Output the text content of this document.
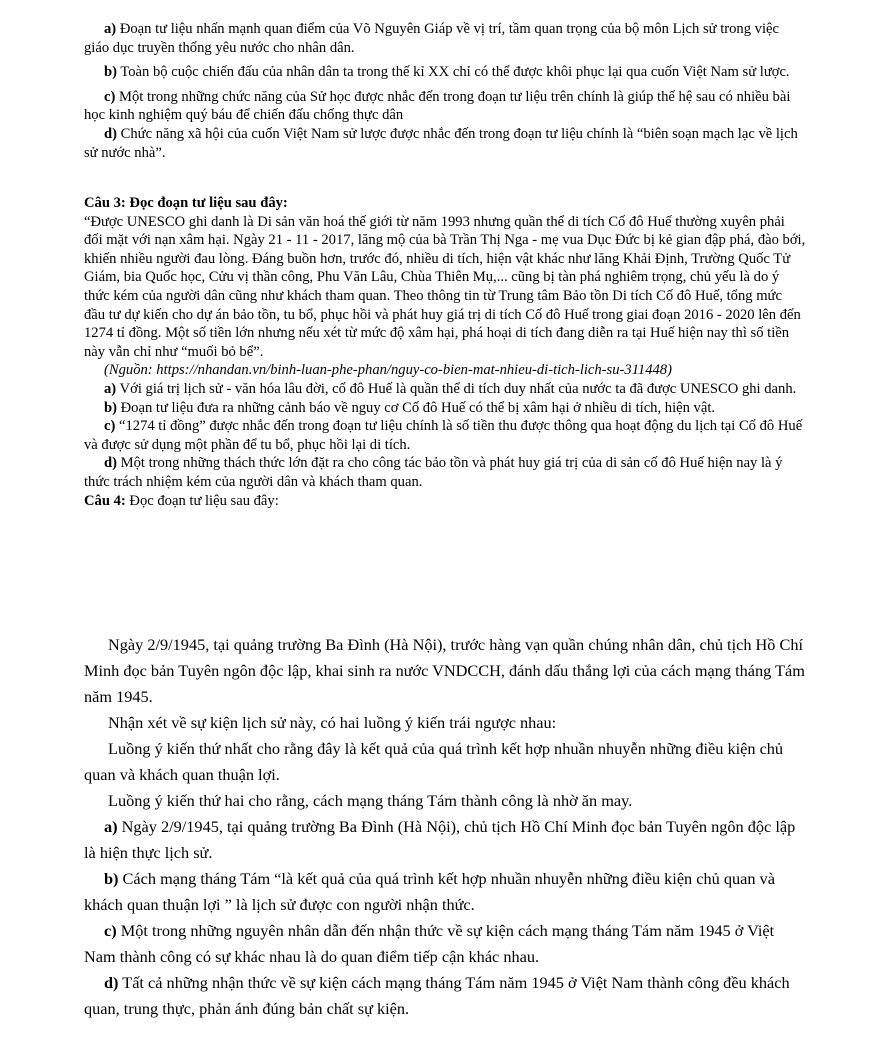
a) Đoạn tư liệu nhấn mạnh quan điểm của Võ Nguyên Giáp về vị trí, tầm quan trọng của bộ môn Lịch sử trong việc giáo dục truyền thống yêu nước cho nhân dân.

b) Toàn bộ cuộc chiến đấu của nhân dân ta trong thế kỉ XX chỉ có thể được khôi phục lại qua cuốn Việt Nam sử lược.

c) Một trong những chức năng của Sử học được nhắc đến trong đoạn tư liệu trên chính là giúp thế hệ sau có nhiều bài học kinh nghiệm quý báu để chiến đấu chống thực dân

d) Chức năng xã hội của cuốn Việt Nam sử lược được nhắc đến trong đoạn tư liệu chính là “biên soạn mạch lạc về lịch sử nước nhà”.

Câu 3: Đọc đoạn tư liệu sau đây:

“Được UNESCO ghi danh là Di sản văn hoá thế giới từ năm 1993 nhưng quần thể di tích Cố đô Huế thường xuyên phải đối mặt với nạn xâm hại. Ngày 21 - 11 - 2017, lăng mộ của bà Trần Thị Nga - mẹ vua Dục Đức bị kẻ gian đập phá, đào bới, khiến nhiều người đau lòng. Đáng buồn hơn, trước đó, nhiều di tích, hiện vật khác như lăng Khải Định, Trường Quốc Tử Giám, bia Quốc học, Cửu vị thần công, Phu Văn Lâu, Chùa Thiên Mụ,... cũng bị tàn phá nghiêm trọng, chủ yếu là do ý thức kém của người dân cũng như khách tham quan. Theo thông tin từ Trung tâm Bảo tồn Di tích Cố đô Huế, tổng mức đầu tư dự kiến cho dự án bảo tồn, tu bổ, phục hồi và phát huy giá trị di tích Cố đô Huế trong giai đoạn 2016 - 2020 lên đến 1274 tỉ đồng. Một số tiền lớn nhưng nếu xét từ mức độ xâm hại, phá hoại di tích đang diễn ra tại Huế hiện nay thì số tiền này vẫn chỉ như “muối bỏ bể”.

(Nguồn: https://nhandan.vn/binh-luan-phe-phan/nguy-co-bien-mat-nhieu-di-tich-lich-su-311448)

a) Với giá trị lịch sử - văn hóa lâu đời, cố đô Huế là quần thể di tích duy nhất của nước ta đã được UNESCO ghi danh.

b) Đoạn tư liệu đưa ra những cảnh báo về nguy cơ Cố đô Huế có thể bị xâm hại ở nhiều di tích, hiện vật.

c) “1274 tỉ đồng” được nhắc đến trong đoạn tư liệu chính là số tiền thu được thông qua hoạt động du lịch tại Cố đô Huế và được sử dụng một phần để tu bổ, phục hồi lại di tích.

d) Một trong những thách thức lớn đặt ra cho công tác bảo tồn và phát huy giá trị của di sản cố đô Huế hiện nay là ý thức trách nhiệm kém của người dân và khách tham quan.

Câu 4: Đọc đoạn tư liệu sau đây:

Ngày 2/9/1945, tại quảng trường Ba Đình (Hà Nội), trước hàng vạn quần chúng nhân dân, chủ tịch Hồ Chí Minh đọc bản Tuyên ngôn độc lập, khai sinh ra nước VNDCCH, đánh dấu thắng lợi của cách mạng tháng Tám năm 1945.

Nhận xét về sự kiện lịch sử này, có hai luồng ý kiến trái ngược nhau:

Luồng ý kiến thứ nhất cho rằng đây là kết quả của quá trình kết hợp nhuần nhuyễn những điều kiện chủ quan và khách quan thuận lợi.

Luồng ý kiến thứ hai cho rằng, cách mạng tháng Tám thành công là nhờ ăn may.

a) Ngày 2/9/1945, tại quảng trường Ba Đình (Hà Nội), chủ tịch Hồ Chí Minh đọc bản Tuyên ngôn độc lập là hiện thực lịch sử.

b) Cách mạng tháng Tám “là kết quả của quá trình kết hợp nhuần nhuyễn những điều kiện chủ quan và khách quan thuận lợi ” là lịch sử được con người nhận thức.

c) Một trong những nguyên nhân dẫn đến nhận thức về sự kiện cách mạng tháng Tám năm 1945 ở Việt Nam thành công có sự khác nhau là do quan điểm tiếp cận khác nhau.

d) Tất cả những nhận thức về sự kiện cách mạng tháng Tám năm 1945 ở Việt Nam thành công đều khách quan, trung thực, phản ánh đúng bản chất sự kiện.
